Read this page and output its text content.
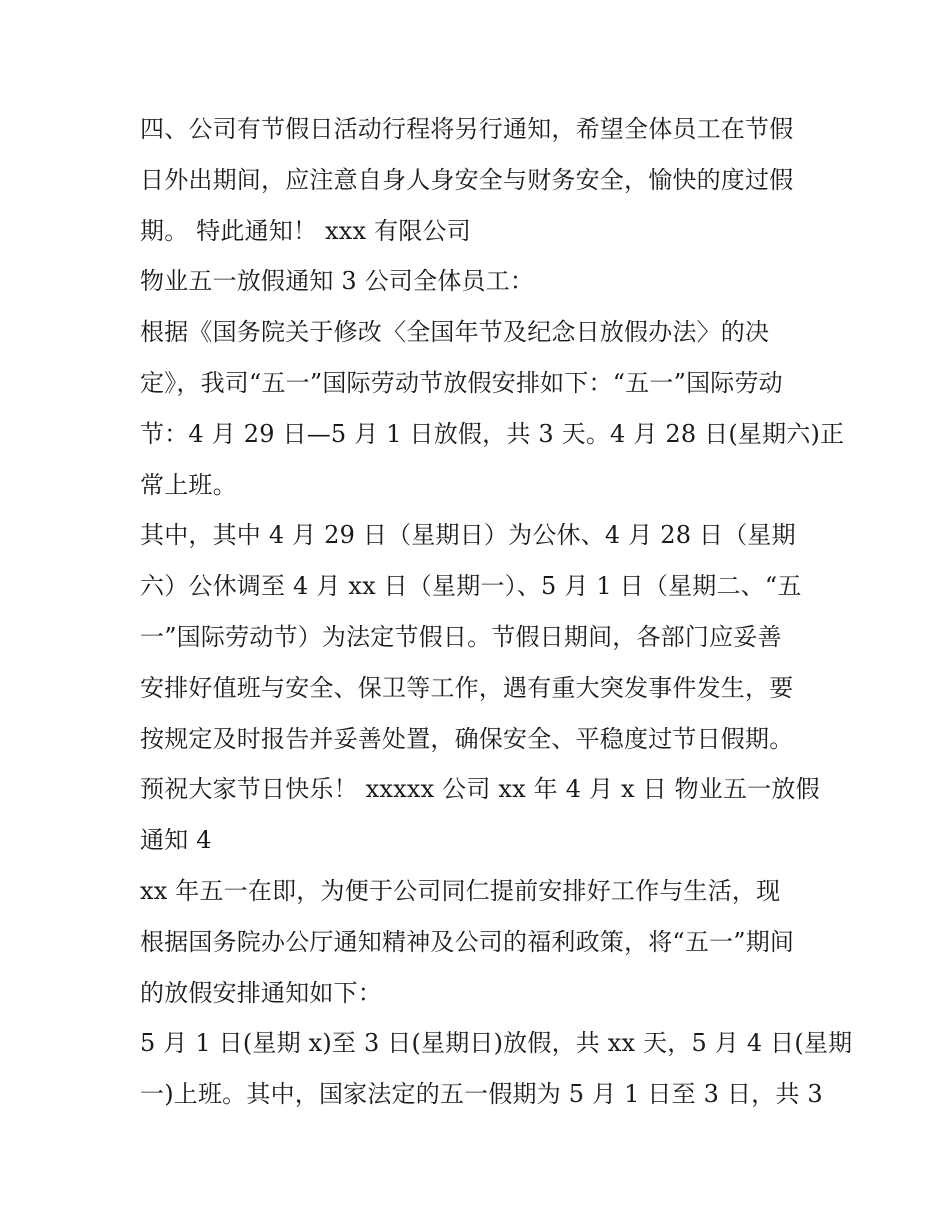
四、公司有节假日活动行程将另行通知，希望全体员工在节假
日外出期间，应注意自身人身安全与财务安全，愉快的度过假
期。 特此通知！ xxx 有限公司
物业五一放假通知 3 公司全体员工：
根据《国务院关于修改〈全国年节及纪念日放假办法〉的决
定》，我司“五一”国际劳动节放假安排如下：“五一”国际劳动
节：4 月 29 日—5 月 1 日放假，共 3 天。4 月 28 日(星期六)正
常上班。
其中，其中 4 月 29 日（星期日）为公休、4 月 28 日（星期
六）公休调至 4 月 xx 日（星期一）、5 月 1 日（星期二、“五
一”国际劳动节）为法定节假日。节假日期间，各部门应妥善
安排好值班与安全、保卫等工作，遇有重大突发事件发生，要
按规定及时报告并妥善处置，确保安全、平稳度过节日假期。
预祝大家节日快乐！ xxxxx 公司 xx 年 4 月 x 日 物业五一放假
通知 4
xx 年五一在即，为便于公司同仁提前安排好工作与生活，现
根据国务院办公厅通知精神及公司的福利政策，将“五一”期间
的放假安排通知如下：
5 月 1 日(星期 x)至 3 日(星期日)放假，共 xx 天，5 月 4 日(星期
一)上班。其中，国家法定的五一假期为 5 月 1 日至 3 日，共 3
